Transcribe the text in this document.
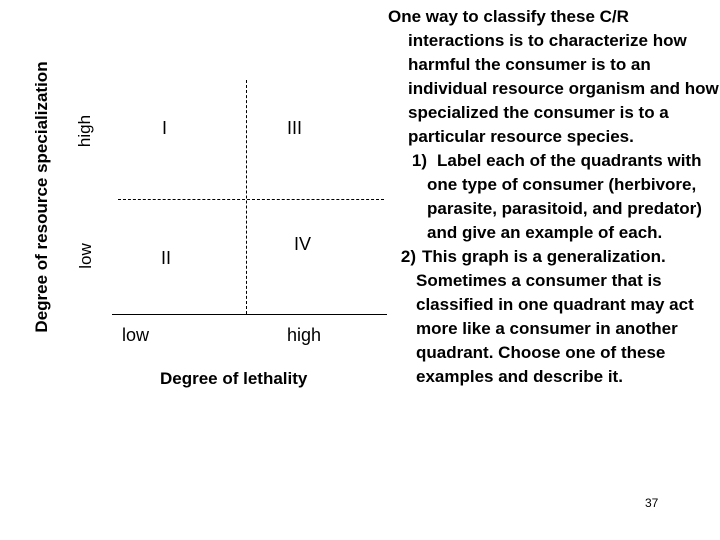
Degree of resource specialization high
low
I
II
III
IV
low	high
Degree of lethality

One way to classify these C/R interactions is to characterize how harmful the consumer is to an individual resource organism and how specialized the consumer is to a particular resource species.

1) Label each of the quadrants with one type of consumer (herbivore, parasite, parasitoid, and predator) and give an example of each.
2) This graph is a generalization. Sometimes a consumer that is classified in one quadrant may act more like a consumer in another quadrant. Choose one of these examples and describe it.
37
